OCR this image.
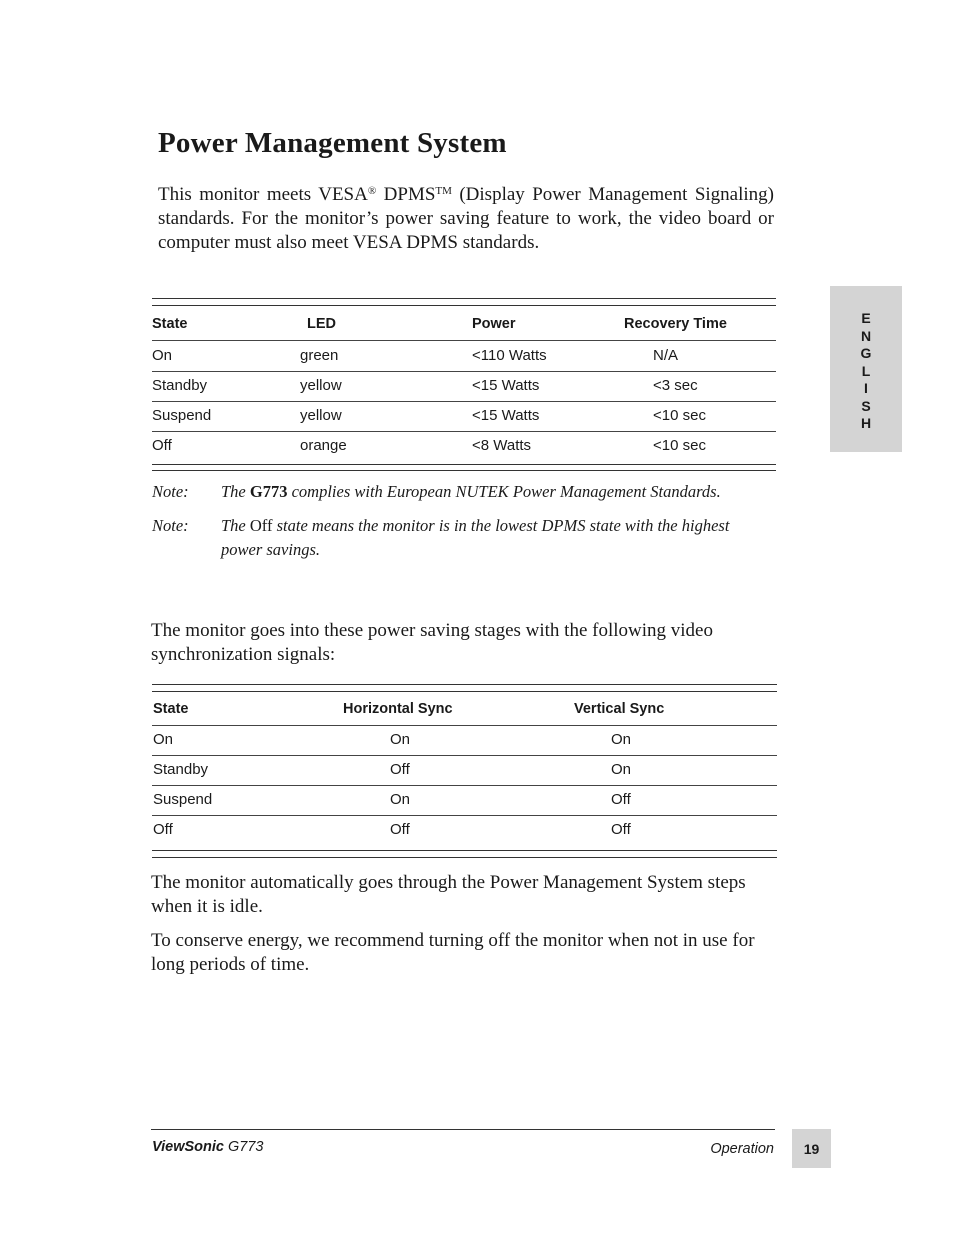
Power Management System

This monitor meets VESA® DPMS™ (Display Power Management Signaling) standards. For the monitor’s power saving feature to work, the video board or computer must also meet VESA DPMS standards.

State	LED	Power	Recovery Time
On	green	<110 Watts	N/A
Standby	yellow	<15 Watts	<3 sec
Suspend	yellow	<15 Watts	<10 sec
Off	orange	<8 Watts	<10 sec
Note: The G773 complies with European NUTEK Power Management Standards.
Note: The Off state means the monitor is in the lowest DPMS state with the highest power savings.

The monitor goes into these power saving stages with the following video synchronization signals:

State	Horizontal Sync	Vertical Sync
On	On	On
Standby	Off	On
Suspend	On	Off
Off	Off	Off

The monitor automatically goes through the Power Management System steps when it is idle.

To conserve energy, we recommend turning off the monitor when not in use for long periods of time.

E
N
G
L
I
S
H
ViewSonic G773	Operation	19
